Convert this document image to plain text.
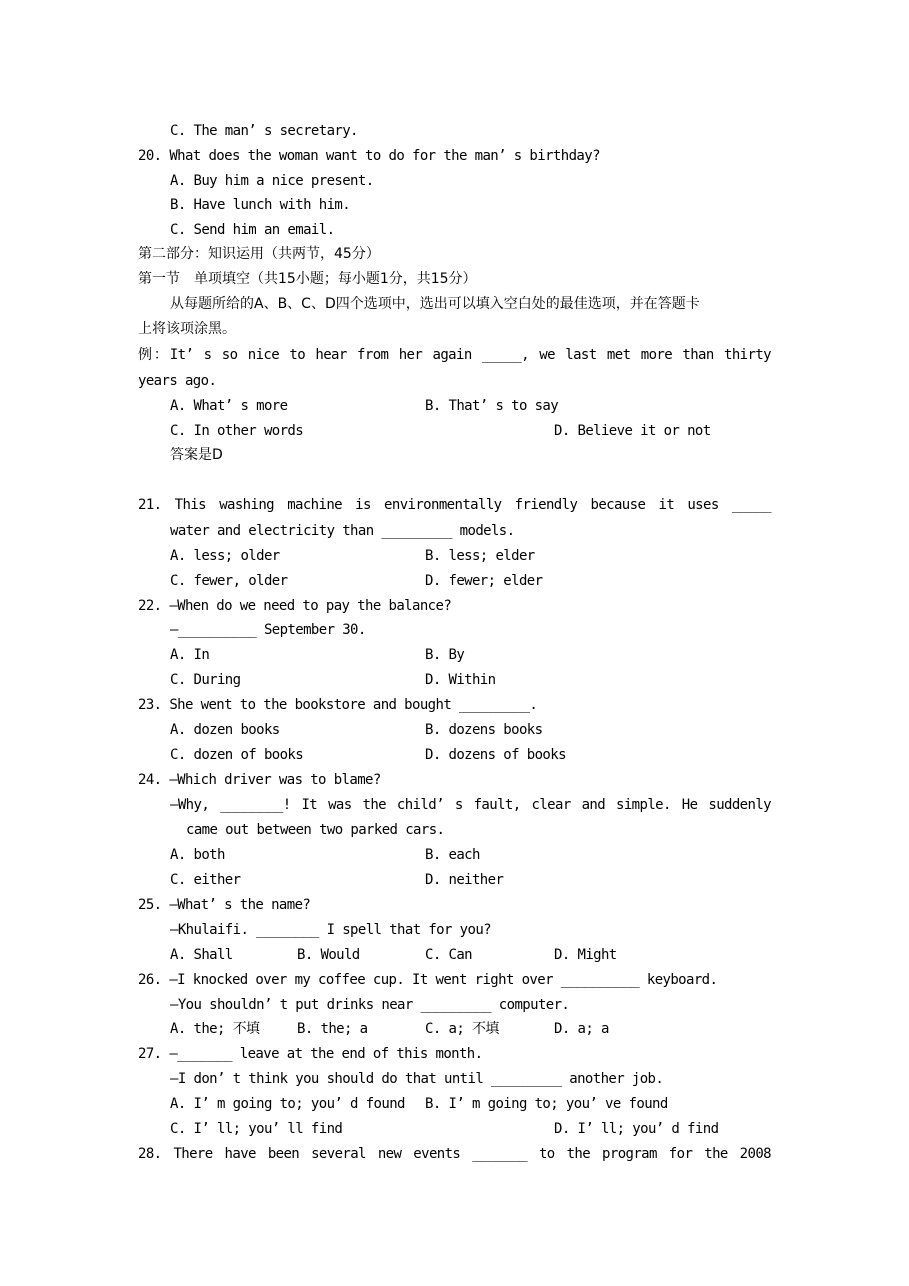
C. The man’ s secretary.
20. What does the woman want to do for the man’ s birthday?
A. Buy him a nice present.
B. Have lunch with him.
C. Send him an email.
第二部分：知识运用（共两节，45分）
第一节　单项填空（共15小题；每小题1分，共15分）
从每题所给的A、B、C、D四个选项中，选出可以填入空白处的最佳选项，并在答题卡
上将该项涂黑。
例：It’ s so nice to hear from her again _____, we last met more than thirty
years ago.
A. What’ s more	B. That’ s to say
C. In other words	D. Believe it or not
答案是D
21. This washing machine is environmentally friendly because it uses _____
water and electricity than _________ models.
A. less; older	B. less; elder
C. fewer, older	D. fewer; elder
22. —When do we need to pay the balance?
—__________ September 30.
A. In	B. By
C. During	D. Within
23. She went to the bookstore and bought _________.
A. dozen books	B. dozens books
C. dozen of books	D. dozens of books
24. —Which driver was to blame?
—Why, ________! It was the child’ s fault, clear and simple. He suddenly
came out between two parked cars.
A. both	B. each
C. either	D. neither
25. —What’ s the name?
—Khulaifi. ________ I spell that for you?
A. Shall	B. Would	C. Can	D. Might
26. —I knocked over my coffee cup. It went right over __________ keyboard.
—You shouldn’ t put drinks near _________ computer.
A. the; 不填	B. the; a	C. a; 不填	D. a; a
27. —_______ leave at the end of this month.
—I don’ t think you should do that until _________ another job.
A. I’ m going to; you’ d found B. I’ m going to; you’ ve found
C. I’ ll; you’ ll find	D. I’ ll; you’ d find
28. There have been several new events _______ to the program for the 2008
